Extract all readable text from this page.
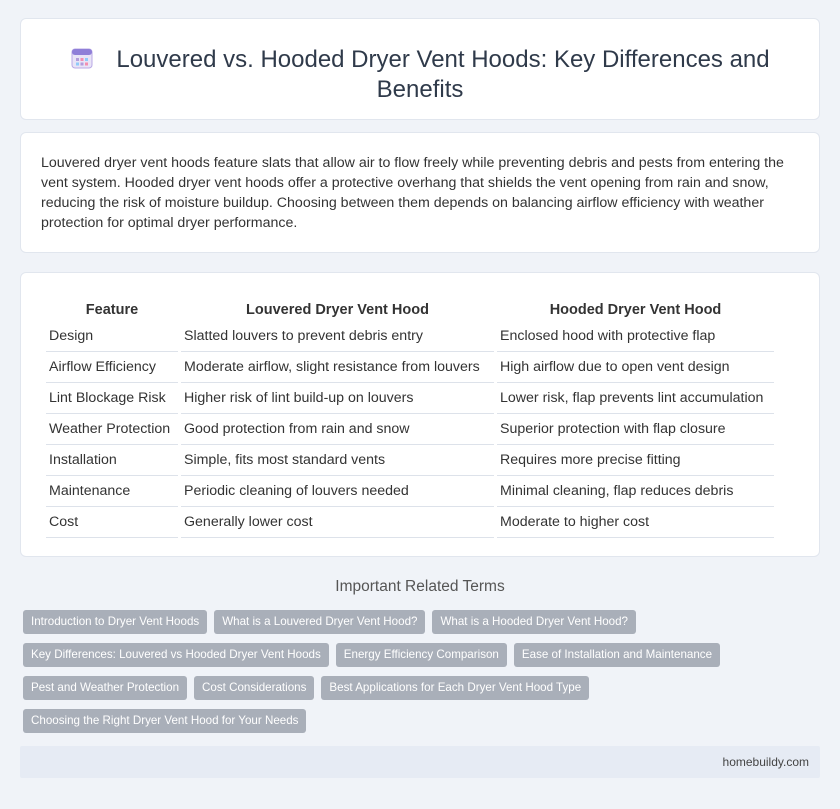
Louvered vs. Hooded Dryer Vent Hoods: Key Differences and Benefits

Louvered dryer vent hoods feature slats that allow air to flow freely while preventing debris and pests from entering the vent system. Hooded dryer vent hoods offer a protective overhang that shields the vent opening from rain and snow, reducing the risk of moisture buildup. Choosing between them depends on balancing airflow efficiency with weather protection for optimal dryer performance.

Feature	Louvered Dryer Vent Hood	Hooded Dryer Vent Hood
Design	Slatted louvers to prevent debris entry	Enclosed hood with protective flap
Airflow Efficiency	Moderate airflow, slight resistance from louvers	High airflow due to open vent design
Lint Blockage Risk	Higher risk of lint build-up on louvers	Lower risk, flap prevents lint accumulation
Weather Protection	Good protection from rain and snow	Superior protection with flap closure
Installation	Simple, fits most standard vents	Requires more precise fitting
Maintenance	Periodic cleaning of louvers needed	Minimal cleaning, flap reduces debris
Cost	Generally lower cost	Moderate to higher cost
Important Related Terms
Introduction to Dryer Vent Hoods	What is a Louvered Dryer Vent Hood?	What is a Hooded Dryer Vent Hood?
Key Differences: Louvered vs Hooded Dryer Vent Hoods	Energy Efficiency Comparison	Ease of Installation and Maintenance
Pest and Weather Protection	Cost Considerations	Best Applications for Each Dryer Vent Hood Type
Choosing the Right Dryer Vent Hood for Your Needs
homebuildy.com
